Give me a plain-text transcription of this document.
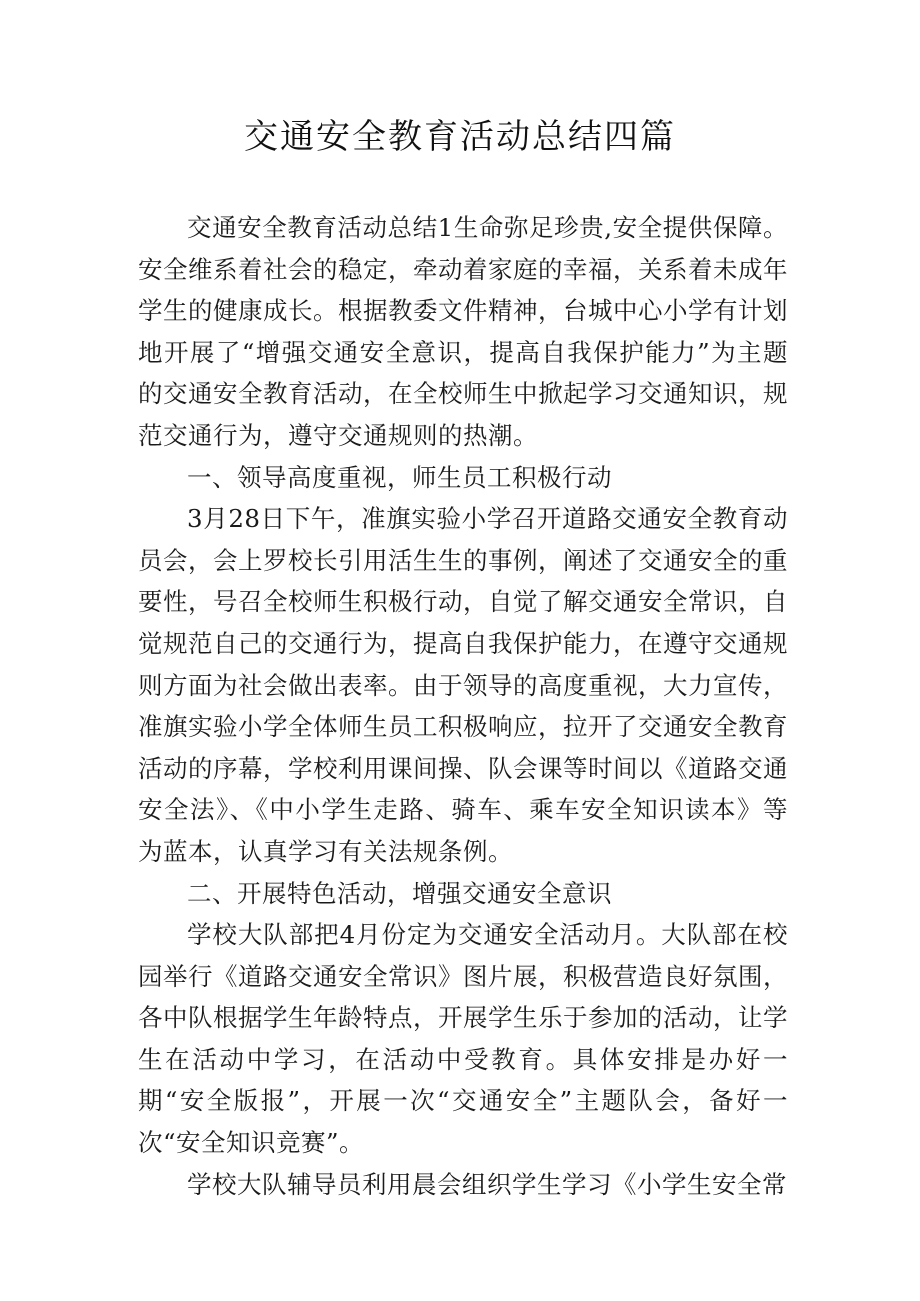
交通安全教育活动总结四篇

交通安全教育活动总结1生命弥足珍贵,安全提供保障。安全维系着社会的稳定，牵动着家庭的幸福，关系着未成年学生的健康成长。根据教委文件精神，台城中心小学有计划地开展了“增强交通安全意识，提高自我保护能力”为主题的交通安全教育活动，在全校师生中掀起学习交通知识，规范交通行为，遵守交通规则的热潮。

一、领导高度重视，师生员工积极行动

3月28日下午，准旗实验小学召开道路交通安全教育动员会，会上罗校长引用活生生的事例，阐述了交通安全的重要性，号召全校师生积极行动，自觉了解交通安全常识，自觉规范自己的交通行为，提高自我保护能力，在遵守交通规则方面为社会做出表率。由于领导的高度重视，大力宣传，准旗实验小学全体师生员工积极响应，拉开了交通安全教育活动的序幕，学校利用课间操、队会课等时间以《道路交通安全法》、《中小学生走路、骑车、乘车安全知识读本》等为蓝本，认真学习有关法规条例。

二、开展特色活动，增强交通安全意识

学校大队部把4月份定为交通安全活动月。大队部在校园举行《道路交通安全常识》图片展，积极营造良好氛围，各中队根据学生年龄特点，开展学生乐于参加的活动，让学生在活动中学习，在活动中受教育。具体安排是办好一期“安全版报”，开展一次“交通安全”主题队会，备好一次“安全知识竞赛”。

学校大队辅导员利用晨会组织学生学习《小学生安全常
